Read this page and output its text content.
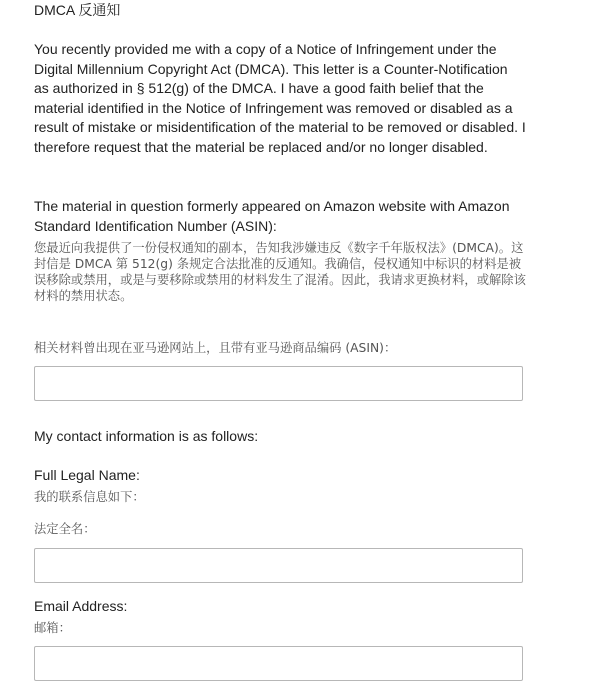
DMCA 反通知
You recently provided me with a copy of a Notice of Infringement under the Digital Millennium Copyright Act (DMCA). This letter is a Counter-Notification as authorized in § 512(g) of the DMCA. I have a good faith belief that the material identified in the Notice of Infringement was removed or disabled as a result of mistake or misidentification of the material to be removed or disabled. I therefore request that the material be replaced and/or no longer disabled.
The material in question formerly appeared on Amazon website with Amazon Standard Identification Number (ASIN):
您最近向我提供了一份侵权通知的副本，告知我涉嫌违反《数字千年版权法》(DMCA)。这封信是 DMCA 第 512(g) 条规定合法批准的反通知。我确信，侵权通知中标识的材料是被误移除或禁用，或是与要移除或禁用的材料发生了混淆。因此，我请求更换材料，或解除该材料的禁用状态。
相关材料曾出现在亚马逊网站上，且带有亚马逊商品编码 (ASIN)：
My contact information is as follows:
Full Legal Name:
我的联系信息如下：
法定全名：
Email Address:
邮箱：
